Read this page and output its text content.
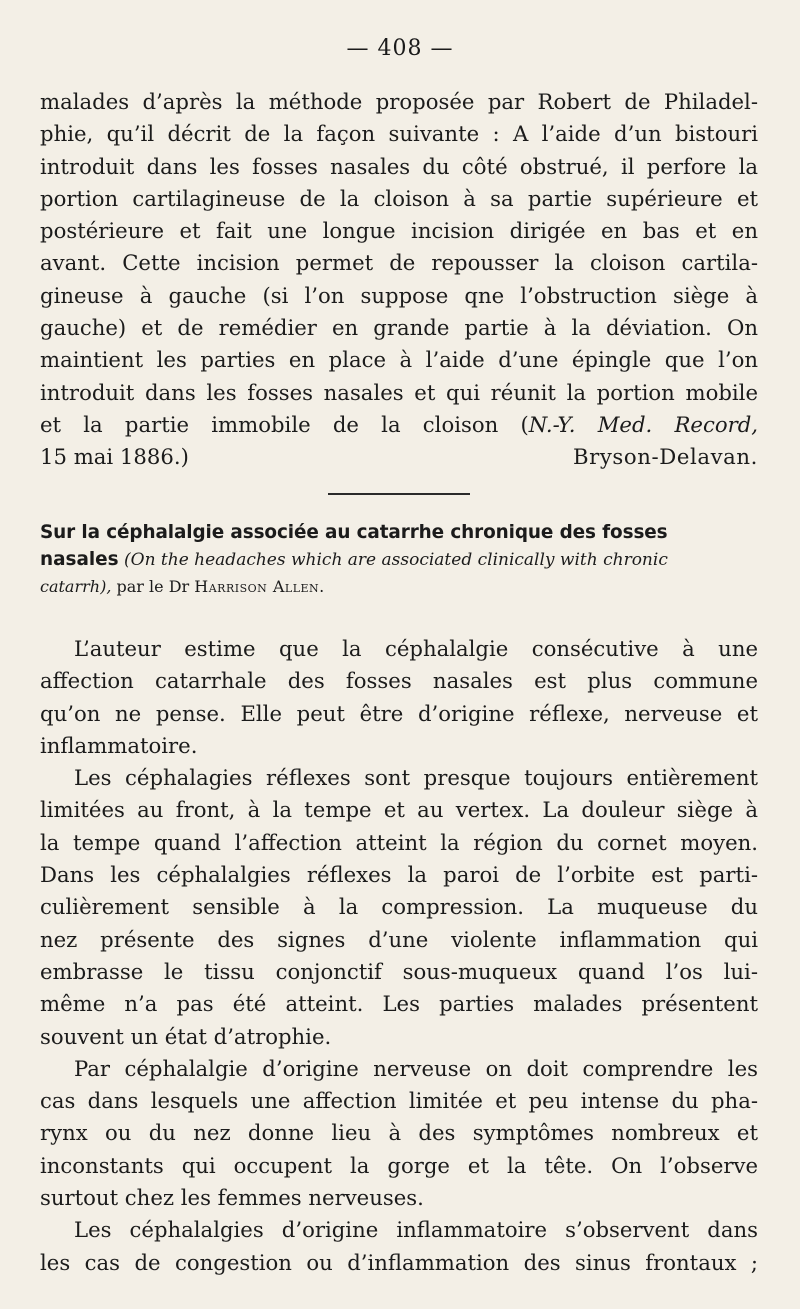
— 408 —
malades d’après la méthode proposée par Robert de Philadel-
phie, qu’il décrit de la façon suivante : A l’aide d’un bistouri
introduit dans les fosses nasales du côté obstrué, il perfore la
portion cartilagineuse de la cloison à sa partie supérieure et
postérieure et fait une longue incision dirigée en bas et en
avant. Cette incision permet de repousser la cloison cartila-
gineuse à gauche (si l’on suppose qne l’obstruction siège à
gauche) et de remédier en grande partie à la déviation. On
maintient les parties en place à l’aide d’une épingle que l’on
introduit dans les fosses nasales et qui réunit la portion mobile
et la partie immobile de la cloison (N.-Y. Med. Record,
15 mai 1886.)	Bryson-Delavan.
Sur la céphalalgie associée au catarrhe chronique des fosses
nasales (On the headaches which are associated clinically with chronic
catarrh), par le Dr Harrison Allen.
L’auteur estime que la céphalalgie consécutive à une
affection catarrhale des fosses nasales est plus commune
qu’on ne pense. Elle peut être d’origine réflexe, nerveuse et
inflammatoire.
Les céphalagies réflexes sont presque toujours entièrement
limitées au front, à la tempe et au vertex. La douleur siège à
la tempe quand l’affection atteint la région du cornet moyen.
Dans les céphalalgies réflexes la paroi de l’orbite est parti-
culièrement sensible à la compression. La muqueuse du
nez présente des signes d’une violente inflammation qui
embrasse le tissu conjonctif sous-muqueux quand l’os lui-
même n’a pas été atteint. Les parties malades présentent
souvent un état d’atrophie.
Par céphalalgie d’origine nerveuse on doit comprendre les
cas dans lesquels une affection limitée et peu intense du pha-
rynx ou du nez donne lieu à des symptômes nombreux et
inconstants qui occupent la gorge et la tête. On l’observe
surtout chez les femmes nerveuses.
Les céphalalgies d’origine inflammatoire s’observent dans
les cas de congestion ou d’inflammation des sinus frontaux ;
